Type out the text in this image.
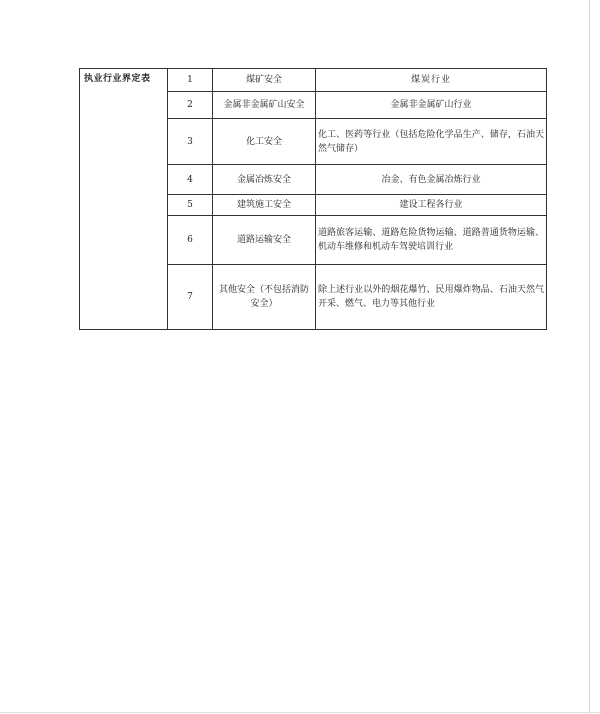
执业行业界定表	1	煤矿安全	煤炭行业
	2	金属非金属矿山安全	金属非金属矿山行业
	3	化工安全	化工、医药等行业（包括危险化学品生产、储存，石油天然气储存）
	4	金属冶炼安全	冶金、有色金属冶炼行业
	5	建筑施工安全	建设工程各行业
	6	道路运输安全	道路旅客运输、道路危险货物运输、道路普通货物运输、机动车维修和机动车驾驶培训行业
	7	其他安全（不包括消防安全）	除上述行业以外的烟花爆竹、民用爆炸物品、石油天然气开采、燃气、电力等其他行业
